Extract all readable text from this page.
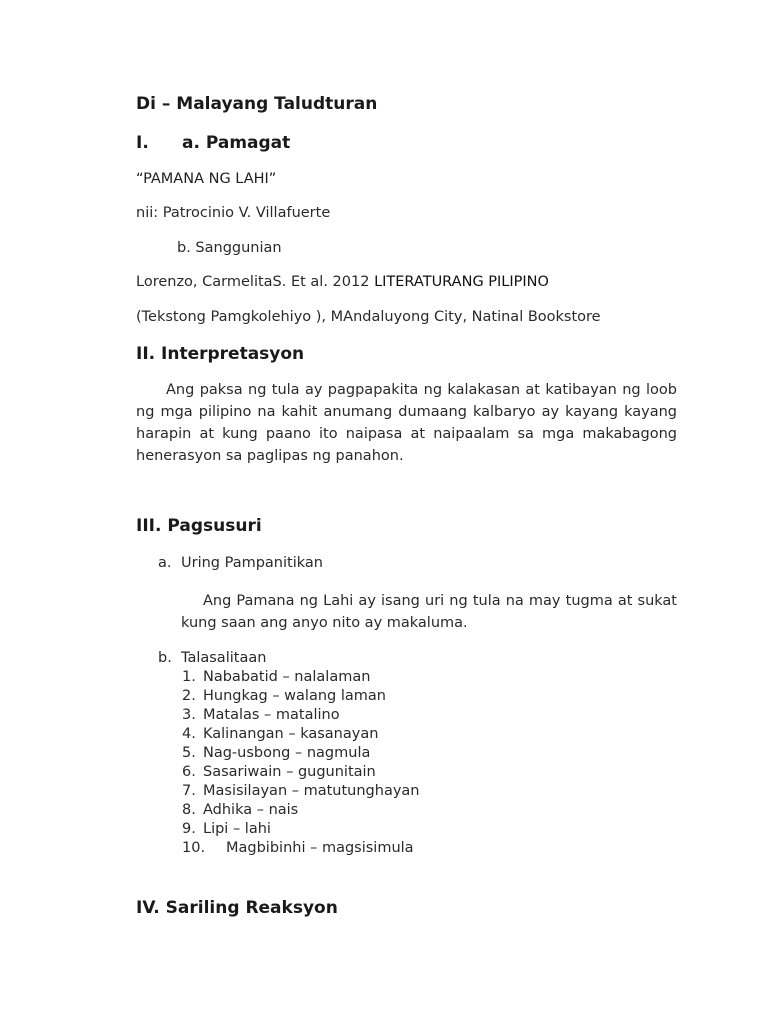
Di – Malayang Taludturan
I. a. Pamagat
“PAMANA NG LAHI”
nii: Patrocinio V. Villafuerte
b. Sanggunian
Lorenzo, CarmelitaS. Et al. 2012 LITERATURANG PILIPINO
(Tekstong Pamgkolehiyo ), MAndaluyong City, Natinal Bookstore
II. Interpretasyon
Ang paksa ng tula ay pagpapakita ng kalakasan at katibayan ng loob ng mga pilipino na kahit anumang dumaang kalbaryo ay kayang kayang harapin at kung paano ito naipasa at naipaalam sa mga makabagong henerasyon sa paglipas ng panahon.
III. Pagsusuri
a. Uring Pampanitikan
Ang Pamana ng Lahi ay isang uri ng tula na may tugma at sukat kung saan ang anyo nito ay makaluma.
b. Talasalitaan
1. Nababatid – nalalaman
2. Hungkag – walang laman
3. Matalas – matalino
4. Kalinangan – kasanayan
5. Nag-usbong – nagmula
6. Sasariwain – gugunitain
7. Masisilayan – matutunghayan
8. Adhika – nais
9. Lipi – lahi
10. Magbibinhi – magsisimula
IV. Sariling Reaksyon
